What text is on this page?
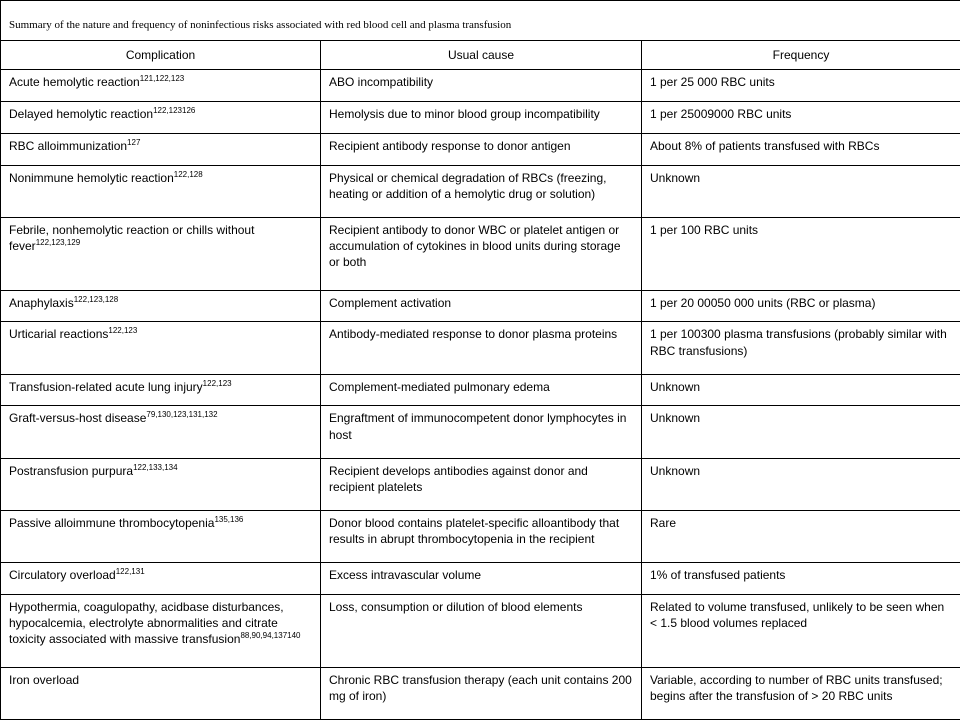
Summary of the nature and frequency of noninfectious risks associated with red blood cell and plasma transfusion		
Complication	Usual cause	Frequency
Acute hemolytic reaction$^{121,122,123}$	ABO incompatibility	1 per 25 000 RBC units
Delayed hemolytic reaction$^{122,123126}$	Hemolysis due to minor blood group incompatibility	1 per 25009000 RBC units
RBC alloimmunization$^{127}$	Recipient antibody response to donor antigen	About 8% of patients transfused with RBCs
Nonimmune hemolytic reaction$^{122,128}$	Physical or chemical degradation of RBCs (freezing, heating or addition of a hemolytic drug or solution)	Unknown
Febrile, nonhemolytic reaction or chills without fever$^{122,123,129}$	Recipient antibody to donor WBC or platelet antigen or accumulation of cytokines in blood units during storage or both	1 per 100 RBC units
Anaphylaxis$^{122,123,128}$	Complement activation	1 per 20 00050 000 units (RBC or plasma)
Urticarial reactions$^{122,123}$	Antibody-mediated response to donor plasma proteins	1 per 100300 plasma transfusions (probably similar with RBC transfusions)
Transfusion-related acute lung injury$^{122,123}$	Complement-mediated pulmonary edema	Unknown
Graft-versus-host disease$^{79,130,123,131,132}$	Engraftment of immunocompetent donor lymphocytes in host	Unknown
Postransfusion purpura$^{122,133,134}$	Recipient develops antibodies against donor and recipient platelets	Unknown
Passive alloimmune thrombocytopenia$^{135,136}$	Donor blood contains platelet-specific alloantibody that results in abrupt thrombocytopenia in the recipient	Rare
Circulatory overload$^{122,131}$	Excess intravascular volume	1% of transfused patients
Hypothermia, coagulopathy, acidbase disturbances, hypocalcemia, electrolyte abnormalities and citrate toxicity associated with massive transfusion$^{88,90,94,137140}$	Loss, consumption or dilution of blood elements	Related to volume transfused, unlikely to be seen when < 1.5 blood volumes replaced
Iron overload	Chronic RBC transfusion therapy (each unit contains 200 mg of iron)	Variable, according to number of RBC units transfused; begins after the transfusion of > 20 RBC units
